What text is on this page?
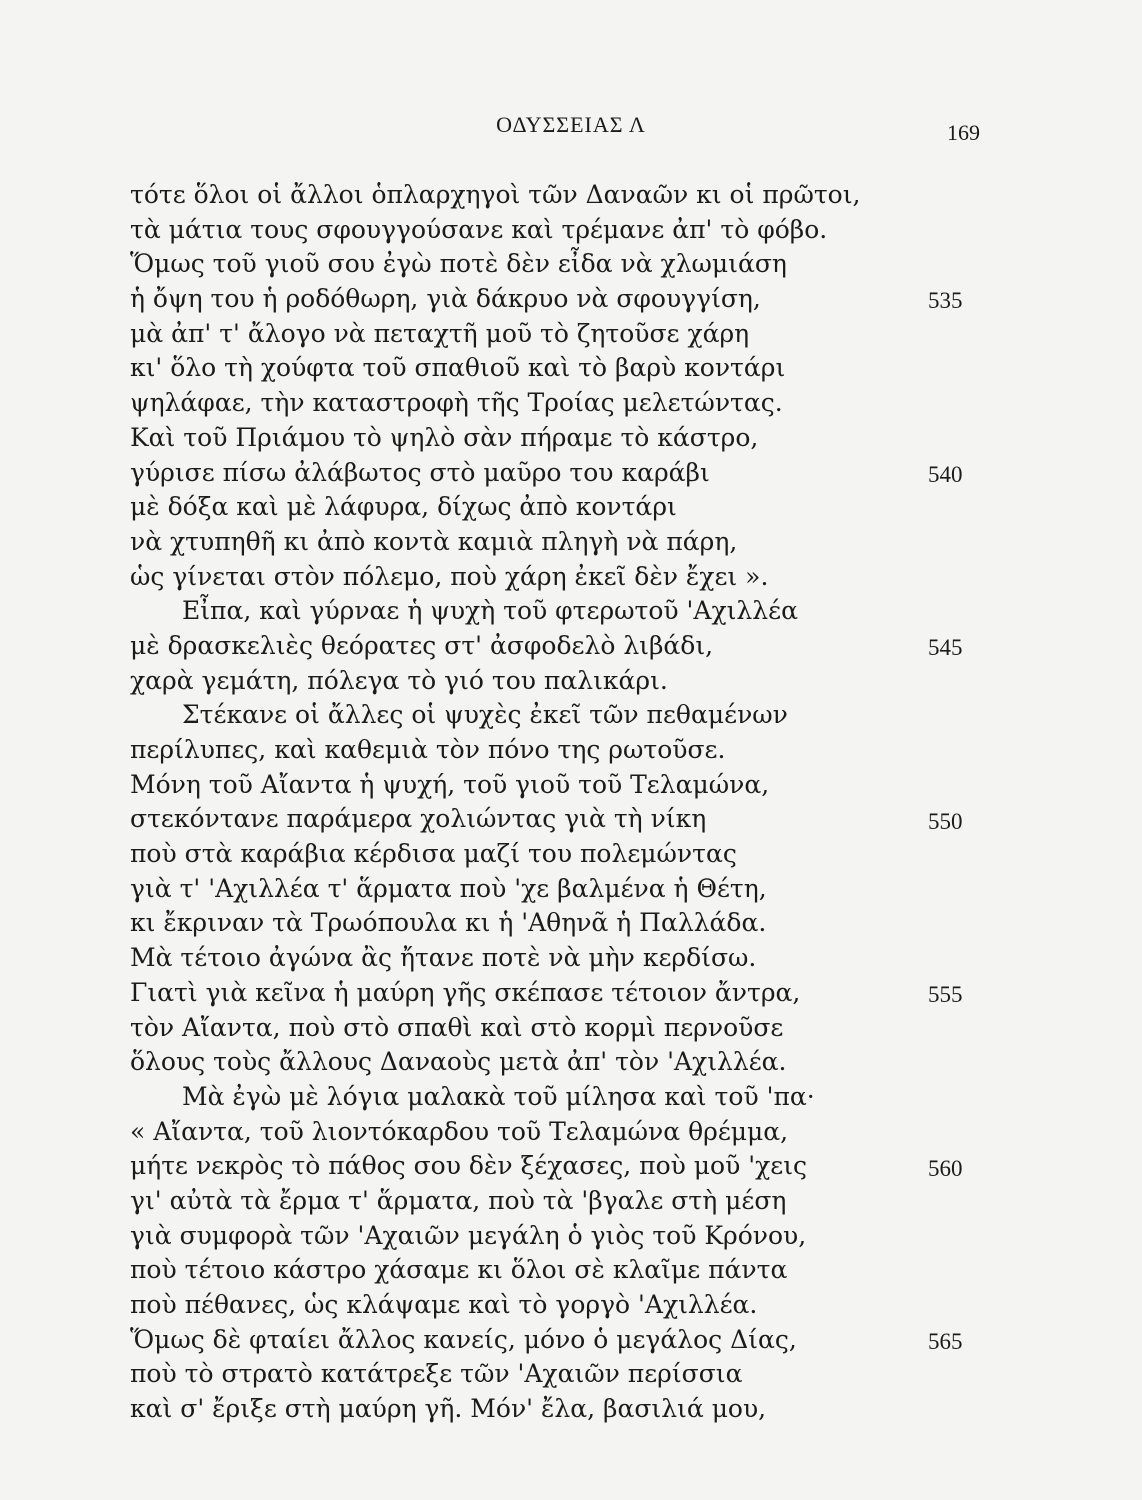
ΟΔΥΣΣΕΙΑΣ Λ	169
τότε ὅλοι οἱ ἄλλοι ὁπλαρχηγοὶ τῶν Δαναῶν κι οἱ πρῶτοι,
τὰ μάτια τους σφουγγούσανε καὶ τρέμανε ἀπ' τὸ φόβο.
Ὅμως τοῦ γιοῦ σου ἐγὼ ποτὲ δὲν εἶδα νὰ χλωμιάση
ἡ ὄψη του ἡ ροδόθωρη, γιὰ δάκρυο νὰ σφουγγίση,
μὰ ἀπ' τ' ἄλογο νὰ πεταχτῆ μοῦ τὸ ζητοῦσε χάρη
κι' ὅλο τὴ χούφτα τοῦ σπαθιοῦ καὶ τὸ βαρὺ κοντάρι
ψηλάφαε, τὴν καταστροφὴ τῆς Τροίας μελετώντας.
Καὶ τοῦ Πριάμου τὸ ψηλὸ σὰν πήραμε τὸ κάστρο,
γύρισε πίσω ἀλάβωτος στὸ μαῦρο του καράβι
μὲ δόξα καὶ μὲ λάφυρα, δίχως ἀπὸ κοντάρι
νὰ χτυπηθῆ κι ἀπὸ κοντὰ καμιὰ πληγὴ νὰ πάρη,
ὡς γίνεται στὸν πόλεμο, ποὺ χάρη ἐκεῖ δὲν ἔχει ».
Εἶπα, καὶ γύρναε ἡ ψυχὴ τοῦ φτερωτοῦ 'Αχιλλέα
μὲ δρασκελιὲς θεόρατες στ' ἀσφοδελὸ λιβάδι,
χαρὰ γεμάτη, πόλεγα τὸ γιό του παλικάρι.
Στέκανε οἱ ἄλλες οἱ ψυχὲς ἐκεῖ τῶν πεθαμένων
περίλυπες, καὶ καθεμιὰ τὸν πόνο της ρωτοῦσε.
Μόνη τοῦ Αἴαντα ἡ ψυχή, τοῦ γιοῦ τοῦ Τελαμώνα,
στεκόντανε παράμερα χολιώντας γιὰ τὴ νίκη
ποὺ στὰ καράβια κέρδισα μαζί του πολεμώντας
γιὰ τ' 'Αχιλλέα τ' ἅρματα ποὺ 'χε βαλμένα ἡ Θέτη,
κι ἔκριναν τὰ Τρωόπουλα κι ἡ 'Αθηνᾶ ἡ Παλλάδα.
Μὰ τέτοιο ἀγώνα ἂς ἤτανε ποτὲ νὰ μὴν κερδίσω.
Γιατὶ γιὰ κεῖνα ἡ μαύρη γῆς σκέπασε τέτοιον ἄντρα,
τὸν Αἴαντα, ποὺ στὸ σπαθὶ καὶ στὸ κορμὶ περνοῦσε
ὅλους τοὺς ἄλλους Δαναοὺς μετὰ ἀπ' τὸν 'Αχιλλέα.
Μὰ ἐγὼ μὲ λόγια μαλακὰ τοῦ μίλησα καὶ τοῦ 'πα·
« Αἴαντα, τοῦ λιοντόκαρδου τοῦ Τελαμώνα θρέμμα,
μήτε νεκρὸς τὸ πάθος σου δὲν ξέχασες, ποὺ μοῦ 'χεις
γι' αὐτὰ τὰ ἔρμα τ' ἅρματα, ποὺ τὰ 'βγαλε στὴ μέση
γιὰ συμφορὰ τῶν 'Αχαιῶν μεγάλη ὁ γιὸς τοῦ Κρόνου,
ποὺ τέτοιο κάστρο χάσαμε κι ὅλοι σὲ κλαῖμε πάντα
ποὺ πέθανες, ὡς κλάψαμε καὶ τὸ γοργὸ 'Αχιλλέα.
Ὅμως δὲ φταίει ἄλλος κανείς, μόνο ὁ μεγάλος Δίας,
ποὺ τὸ στρατὸ κατάτρεξε τῶν 'Αχαιῶν περίσσια
καὶ σ' ἔριξε στὴ μαύρη γῆ. Μόν' ἔλα, βασιλιά μου,
535
540
545
550
555
560
565
